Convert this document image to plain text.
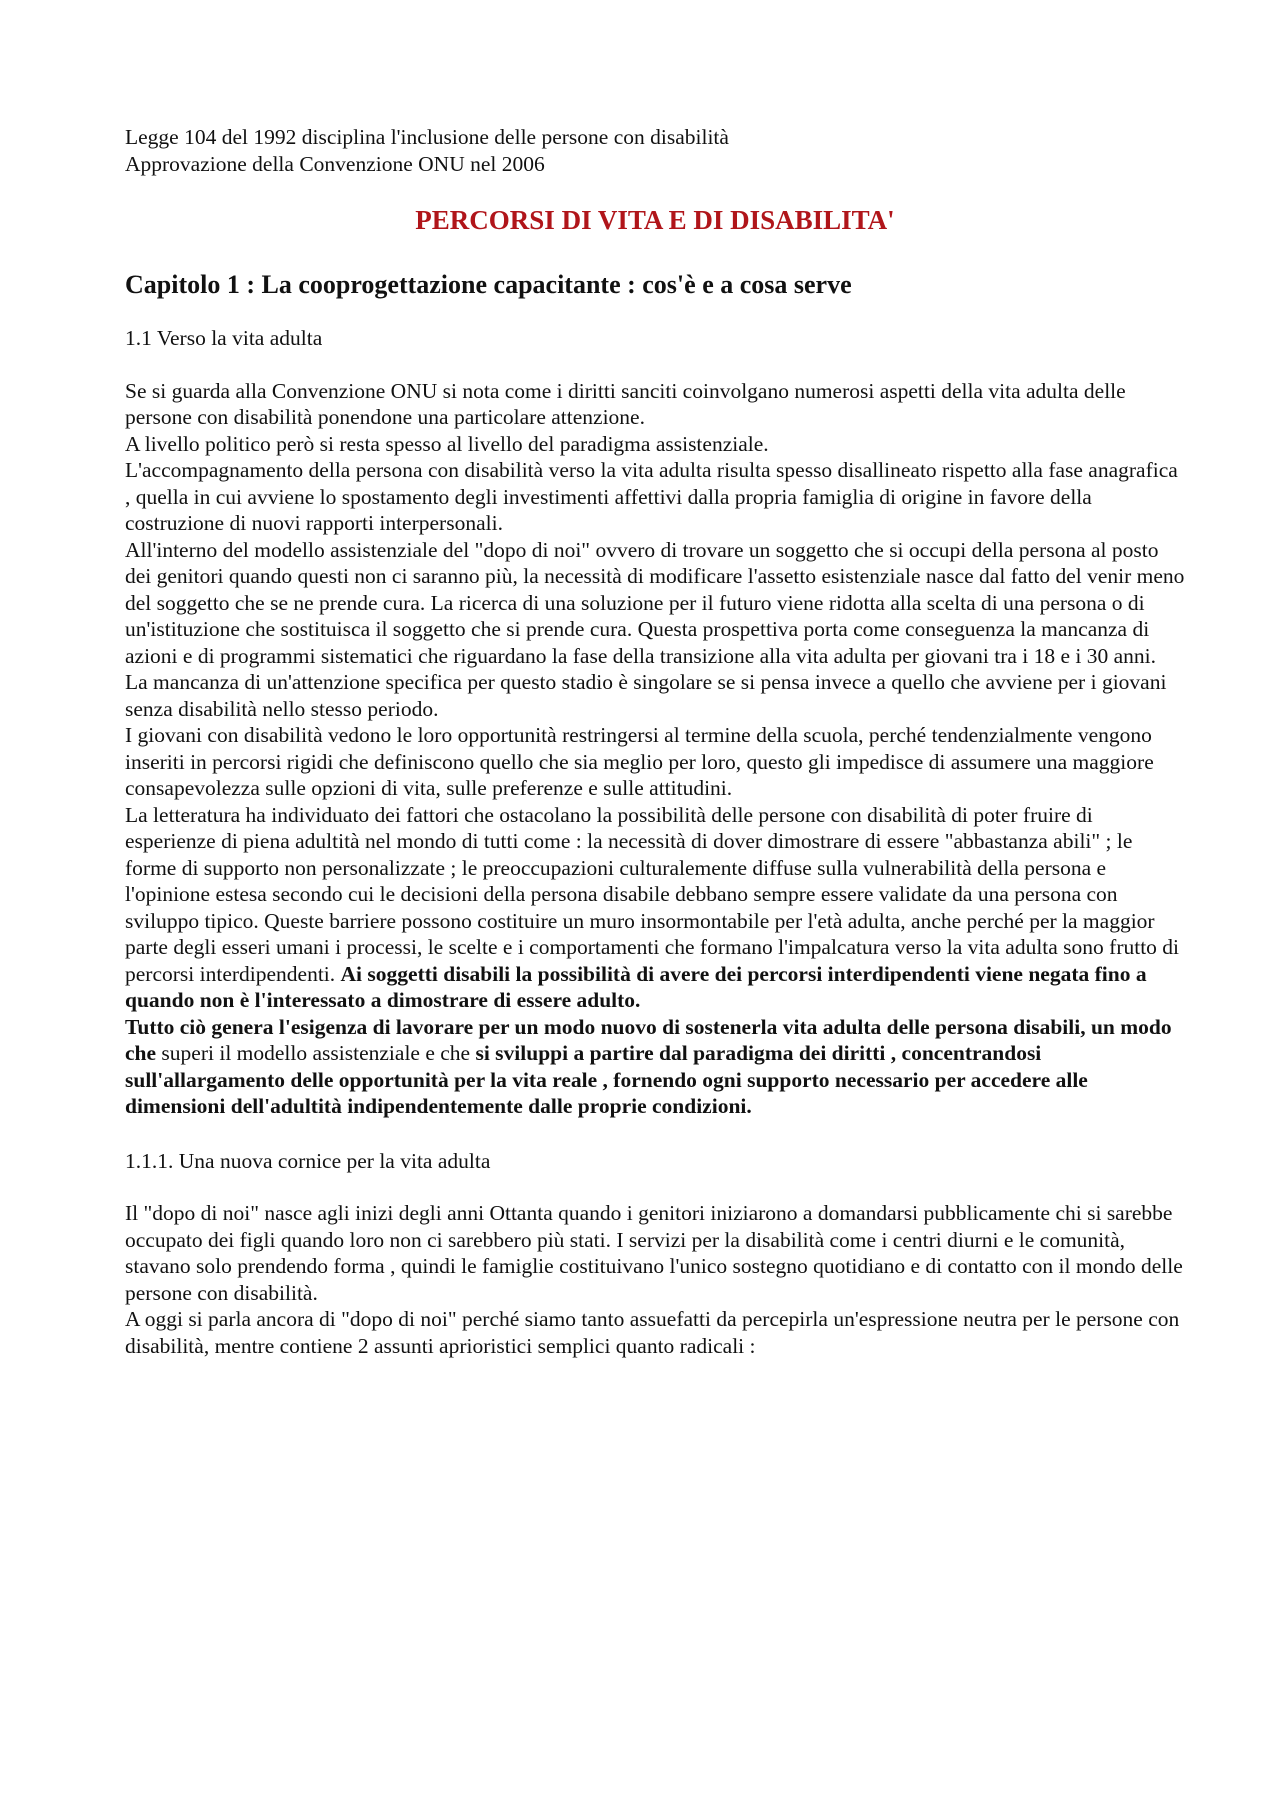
Legge 104 del 1992 disciplina l'inclusione delle persone con disabilità

Approvazione della Convenzione ONU nel 2006

PERCORSI DI VITA E DI DISABILITA'
Capitolo 1 : La cooprogettazione capacitante : cos'è e a cosa serve

1.1 Verso la vita adulta

Se si guarda alla Convenzione ONU si nota come i diritti sanciti coinvolgano numerosi aspetti della vita adulta delle persone con disabilità ponendone una particolare attenzione.

A livello politico però si resta spesso al livello del paradigma assistenziale.

L'accompagnamento della persona con disabilità verso la vita adulta risulta spesso disallineato rispetto alla fase anagrafica , quella in cui avviene lo spostamento degli investimenti affettivi dalla propria famiglia di origine in favore della costruzione di nuovi rapporti interpersonali.

All'interno del modello assistenziale del "dopo di noi" ovvero di trovare un soggetto che si occupi della persona al posto dei genitori quando questi non ci saranno più, la necessità di modificare l'assetto esistenziale nasce dal fatto del venir meno del soggetto che se ne prende cura. La ricerca di una soluzione per il futuro viene ridotta alla scelta di una persona o di un'istituzione che sostituisca il soggetto che si prende cura. Questa prospettiva porta come conseguenza la mancanza di azioni e di programmi sistematici che riguardano la fase della transizione alla vita adulta per giovani tra i 18 e i 30 anni.

La mancanza di un'attenzione specifica per questo stadio è singolare se si pensa invece a quello che avviene per i giovani senza disabilità nello stesso periodo.

I giovani con disabilità vedono le loro opportunità restringersi al termine della scuola, perché tendenzialmente vengono inseriti in percorsi rigidi che definiscono quello che sia meglio per loro, questo gli impedisce di assumere una maggiore consapevolezza sulle opzioni di vita, sulle preferenze e sulle attitudini.

La letteratura ha individuato dei fattori che ostacolano la possibilità delle persone con disabilità di poter fruire di esperienze di piena adultità nel mondo di tutti come : la necessità di dover dimostrare di essere "abbastanza abili" ; le forme di supporto non personalizzate ; le preoccupazioni culturalemente diffuse sulla vulnerabilità della persona e l'opinione estesa secondo cui le decisioni della persona disabile debbano sempre essere validate da una persona con sviluppo tipico. Queste barriere possono costituire un muro insormontabile per l'età adulta, anche perché per la maggior parte degli esseri umani i processi, le scelte e i comportamenti che formano l'impalcatura verso la vita adulta sono frutto di percorsi interdipendenti. Ai soggetti disabili la possibilità di avere dei percorsi interdipendenti viene negata fino a quando non è l'interessato a dimostrare di essere adulto.

Tutto ciò genera l'esigenza di lavorare per un modo nuovo di sostenerla vita adulta delle persona disabili, un modo che superi il modello assistenziale e che si sviluppi a partire dal paradigma dei diritti , concentrandosi sull'allargamento delle opportunità per la vita reale , fornendo ogni supporto necessario per accedere alle dimensioni dell'adultità indipendentemente dalle proprie condizioni.

1.1.1. Una nuova cornice per la vita adulta

Il "dopo di noi" nasce agli inizi degli anni Ottanta quando i genitori iniziarono a domandarsi pubblicamente chi si sarebbe occupato dei figli quando loro non ci sarebbero più stati. I servizi per la disabilità come i centri diurni e le comunità, stavano solo prendendo forma , quindi le famiglie costituivano l'unico sostegno quotidiano e di contatto con il mondo delle persone con disabilità.

A oggi si parla ancora di "dopo di noi" perché siamo tanto assuefatti da percepirla un'espressione neutra per le persone con disabilità, mentre contiene 2 assunti aprioristici semplici quanto radicali :
